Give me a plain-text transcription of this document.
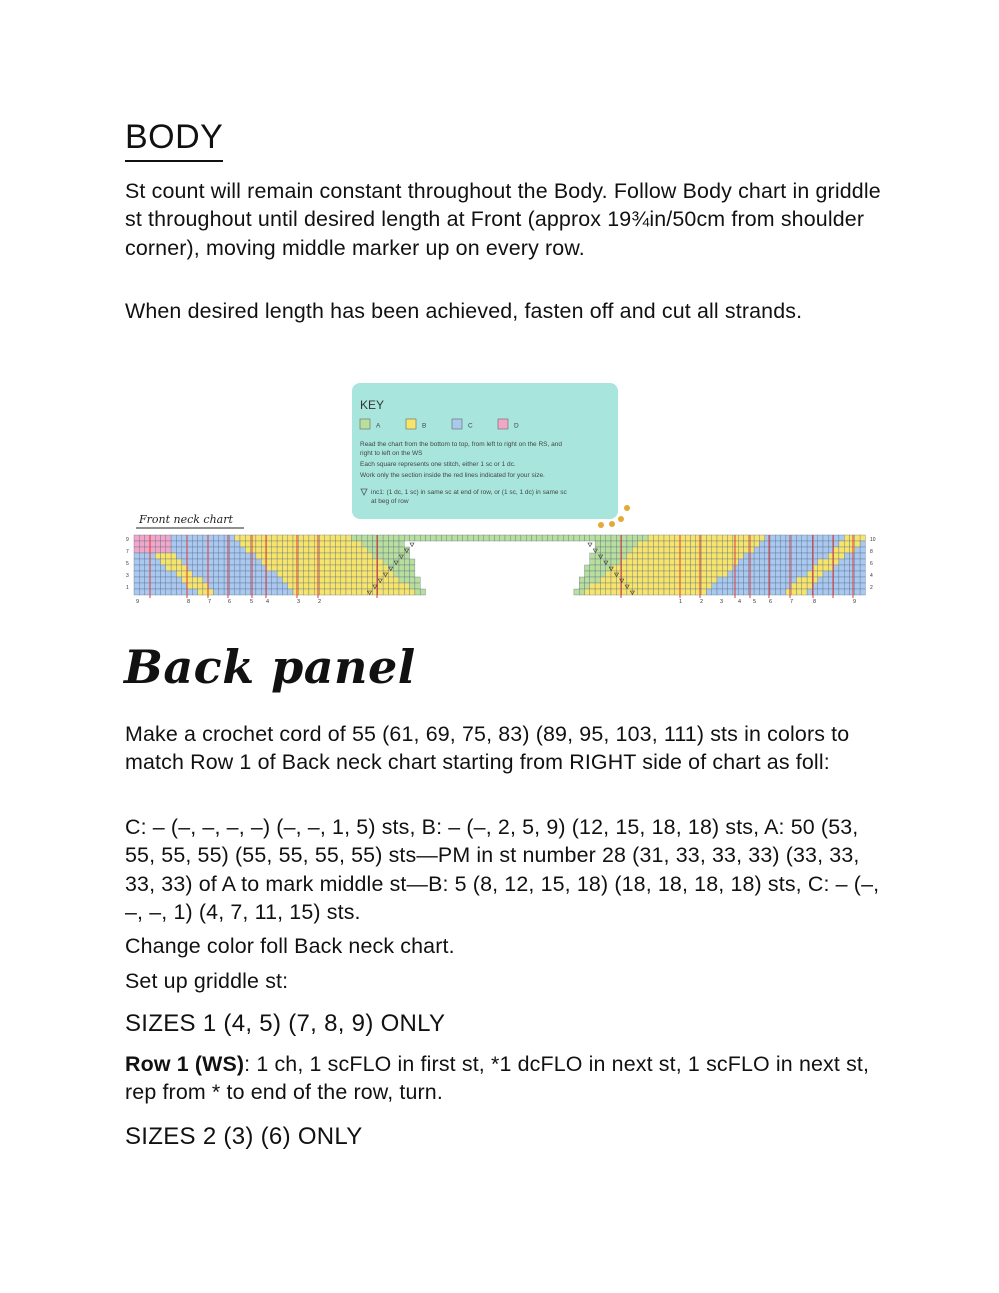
BODY

St count will remain constant throughout the Body. Follow Body chart in griddle st throughout until desired length at Front (approx 19¾in/50cm from shoulder corner), moving middle marker up on every row.

When desired length has been achieved, fasten off and cut all strands.

KEY
A	B	C	D
Read the chart from the bottom to top, from left to right on the RS, and
right to left on the WS
Each square represents one stitch, either 1 sc or 1 dc.
Work only the section inside the red lines indicated for your size.
inc1: (1 dc, 1 sc) in same sc at end of row, or (1 sc, 1 dc) in same sc
at beg of row
Front neck chart
9	8	7	6	5 4	3	2	1	2	3	4 5 6	7	8	9
9
7
5
3
1
10
8
6
4
2
Back panel

Make a crochet cord of 55 (61, 69, 75, 83) (89, 95, 103, 111) sts in colors to match Row 1 of Back neck chart starting from RIGHT side of chart as foll:

C: – (–, –, –, –) (–, –, 1, 5) sts, B: – (–, 2, 5, 9) (12, 15, 18, 18) sts, A: 50 (53, 55, 55, 55) (55, 55, 55, 55) sts—PM in st number 28 (31, 33, 33, 33) (33, 33, 33, 33) of A to mark middle st—B: 5 (8, 12, 15, 18) (18, 18, 18, 18) sts, C: – (–, –, –, 1) (4, 7, 11, 15) sts.

Change color foll Back neck chart.

Set up griddle st:

SIZES 1 (4, 5) (7, 8, 9) ONLY

Row 1 (WS): 1 ch, 1 scFLO in first st, *1 dcFLO in next st, 1 scFLO in next st, rep from * to end of the row, turn.

SIZES 2 (3) (6) ONLY
